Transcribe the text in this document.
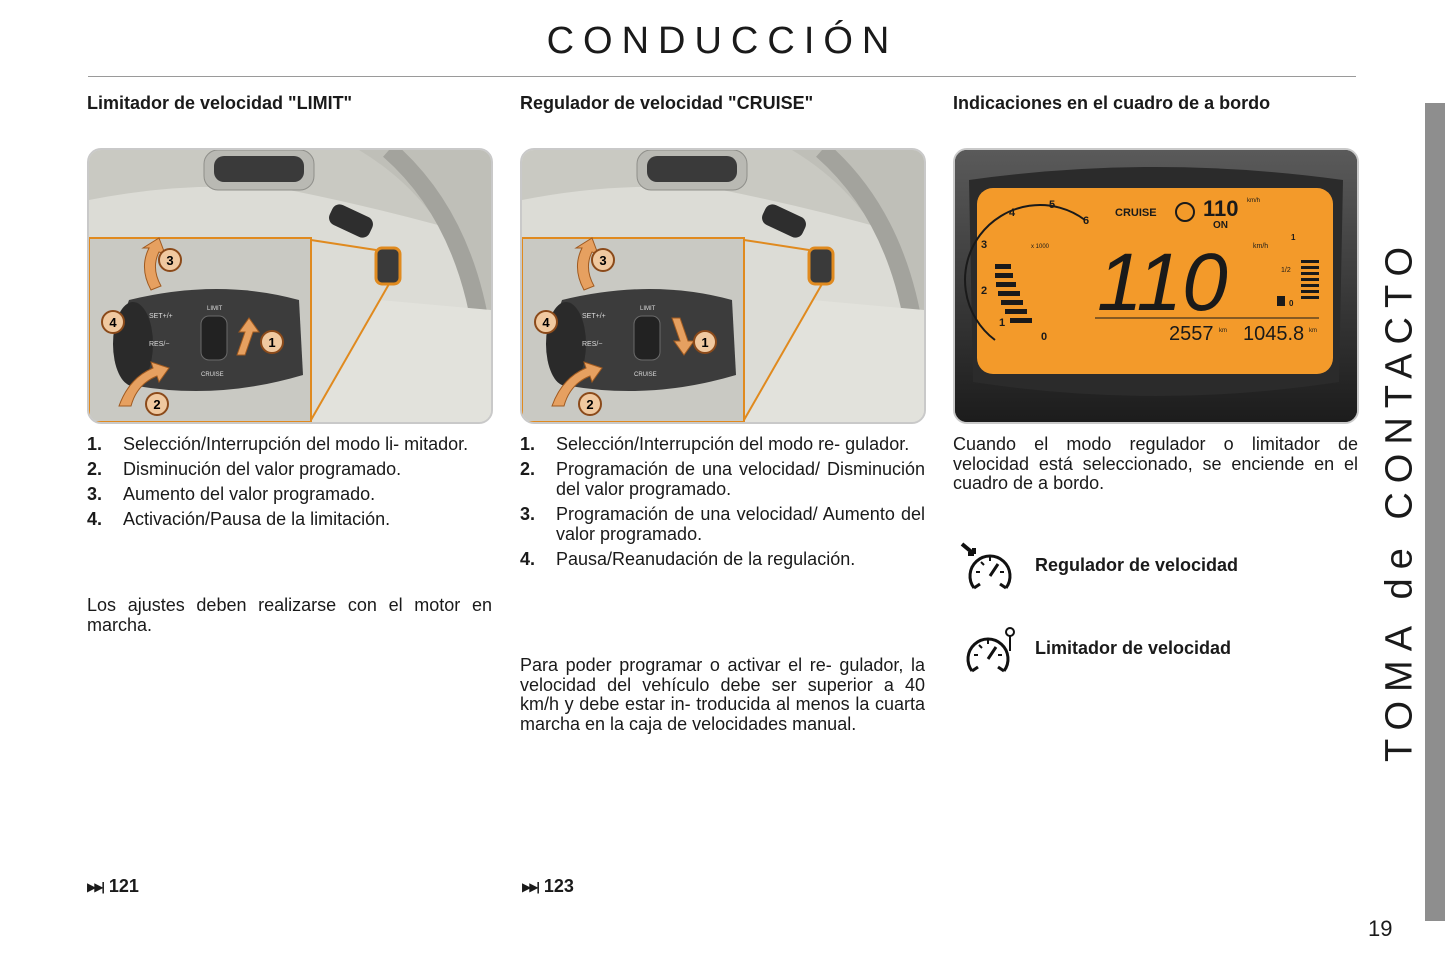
CONDUCCIÓN
TOMA de CONTACTO
Limitador de velocidad "LIMIT"	Regulador de velocidad "CRUISE"	Indicaciones en el cuadro de a bordo
SET+/+
RES/−
LIMIT
CRUISE
1
2
3
4	SET+/+
RES/−
LIMIT
CRUISE
1
2
3
4
2
1
0
3
4
5
6
x 1000
CRUISE 110 km/h
ON
110	km/h
1
1/2
0
2557 km 1045.8 km
1. Selección/Interrupción del modo li- mitador.
2. Disminución del valor programado.
3. Aumento del valor programado.
4. Activación/Pausa de la limitación.

Los ajustes deben realizarse con el motor en marcha.

▶▶| 121
1. Selección/Interrupción del modo re- gulador.
2. Programación de una velocidad/ Disminución del valor programado.
3. Programación de una velocidad/ Aumento del valor programado.
4. Pausa/Reanudación de la regulación.

Para poder programar o activar el re- gulador, la velocidad del vehículo debe ser superior a 40 km/h y debe estar in- troducida al menos la cuarta marcha en la caja de velocidades manual.

▶▶| 123

Cuando el modo regulador o limitador de velocidad está seleccionado, se enciende en el cuadro de a bordo.

Regulador de velocidad
Limitador de velocidad
19
